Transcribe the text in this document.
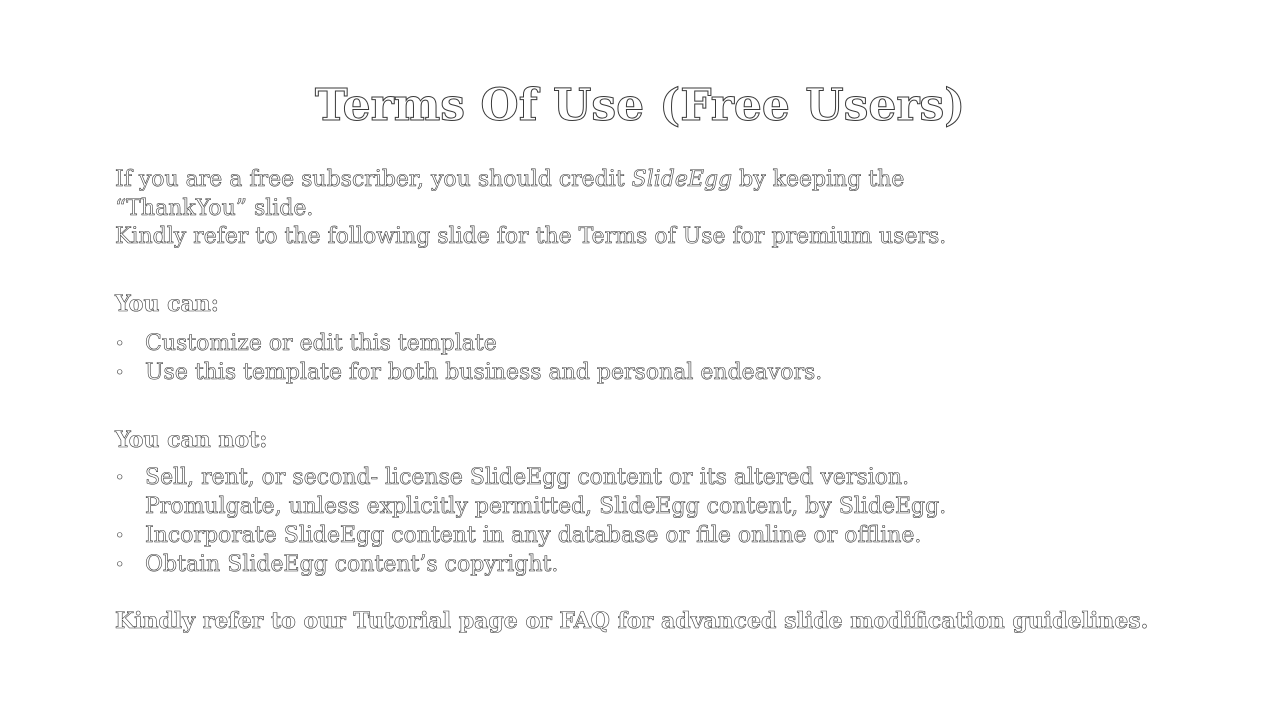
Terms Of Use (Free Users)

If you are a free subscriber, you should credit SlideEgg by keeping the

“ThankYou” slide.

Kindly refer to the following slide for the Terms of Use for premium users.

You can:
• Customize or edit this template
• Use this template for both business and personal endeavors.
You can not:
• Sell, rent, or second- license SlideEgg content or its altered version.
Promulgate, unless explicitly permitted, SlideEgg content, by SlideEgg.
• Incorporate SlideEgg content in any database or file online or offline.
• Obtain SlideEgg content’s copyright.

Kindly refer to our Tutorial page or FAQ for advanced slide modification guidelines.
